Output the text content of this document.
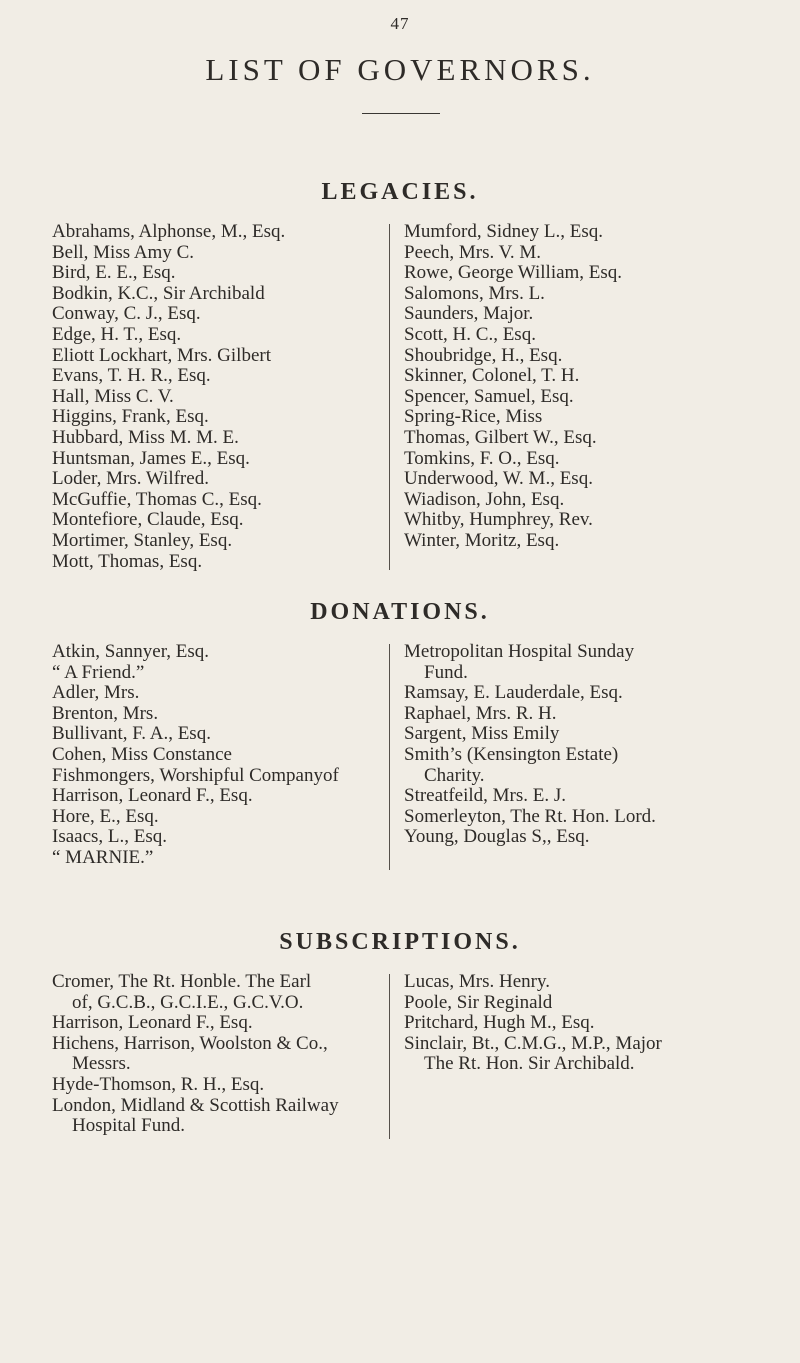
47
LIST OF GOVERNORS.
LEGACIES.
Abrahams, Alphonse, M., Esq.
Bell, Miss Amy C.
Bird, E. E., Esq.
Bodkin, K.C., Sir Archibald
Conway, C. J., Esq.
Edge, H. T., Esq.
Eliott Lockhart, Mrs. Gilbert
Evans, T. H. R., Esq.
Hall, Miss C. V.
Higgins, Frank, Esq.
Hubbard, Miss M. M. E.
Huntsman, James E., Esq.
Loder, Mrs. Wilfred.
McGuffie, Thomas C., Esq.
Montefiore, Claude, Esq.
Mortimer, Stanley, Esq.
Mott, Thomas, Esq.
Mumford, Sidney L., Esq.
Peech, Mrs. V. M.
Rowe, George William, Esq.
Salomons, Mrs. L.
Saunders, Major.
Scott, H. C., Esq.
Shoubridge, H., Esq.
Skinner, Colonel, T. H.
Spencer, Samuel, Esq.
Spring-Rice, Miss
Thomas, Gilbert W., Esq.
Tomkins, F. O., Esq.
Underwood, W. M., Esq.
Wiadison, John, Esq.
Whitby, Humphrey, Rev.
Winter, Moritz, Esq.
DONATIONS.
Atkin, Sannyer, Esq.
“ A Friend.”
Adler, Mrs.
Brenton, Mrs.
Bullivant, F. A., Esq.
Cohen, Miss Constance
Fishmongers, Worshipful Companyof
Harrison, Leonard F., Esq.
Hore, E., Esq.
Isaacs, L., Esq.
“ MARNIE.”
Metropolitan Hospital Sunday
Fund.
Ramsay, E. Lauderdale, Esq.
Raphael, Mrs. R. H.
Sargent, Miss Emily
Smith’s (Kensington Estate)
Charity.
Streatfeild, Mrs. E. J.
Somerleyton, The Rt. Hon. Lord.
Young, Douglas S,, Esq.
SUBSCRIPTIONS.
Cromer, The Rt. Honble. The Earl
of, G.C.B., G.C.I.E., G.C.V.O.
Harrison, Leonard F., Esq.
Hichens, Harrison, Woolston & Co.,
Messrs.
Hyde-Thomson, R. H., Esq.
London, Midland & Scottish Railway
Hospital Fund.
Lucas, Mrs. Henry.
Poole, Sir Reginald
Pritchard, Hugh M., Esq.
Sinclair, Bt., C.M.G., M.P., Major
The Rt. Hon. Sir Archibald.
